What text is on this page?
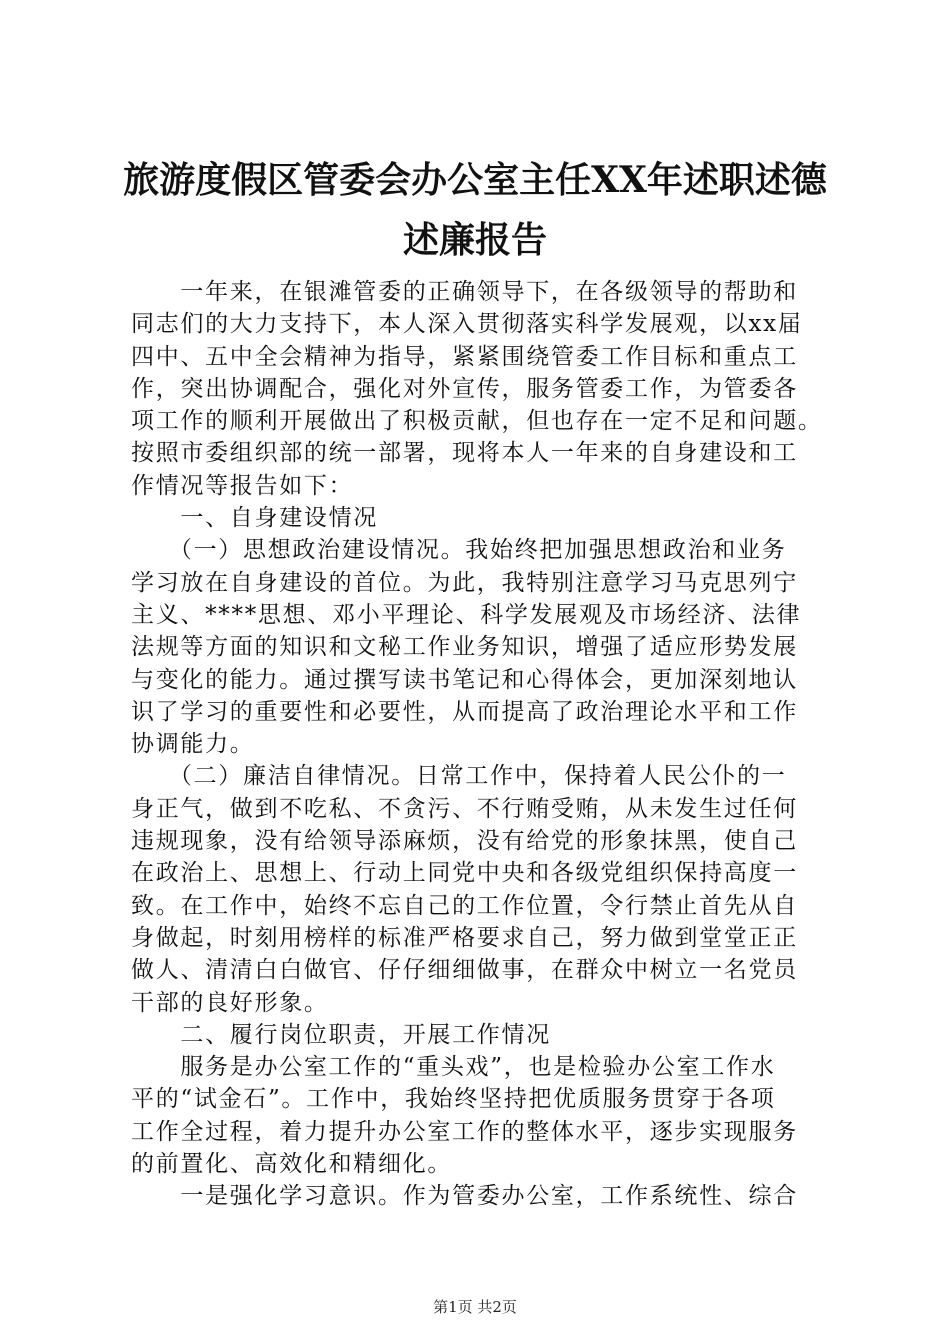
旅游度假区管委会办公室主任XX年述职述德
述廉报告
　　一年来，在银滩管委的正确领导下，在各级领导的帮助和
同志们的大力支持下，本人深入贯彻落实科学发展观，以xx届
四中、五中全会精神为指导，紧紧围绕管委工作目标和重点工
作，突出协调配合，强化对外宣传，服务管委工作，为管委各
项工作的顺利开展做出了积极贡献，但也存在一定不足和问题。
按照市委组织部的统一部署，现将本人一年来的自身建设和工
作情况等报告如下：
　　一、自身建设情况
　　（一）思想政治建设情况。我始终把加强思想政治和业务
学习放在自身建设的首位。为此，我特别注意学习马克思列宁
主义、****思想、邓小平理论、科学发展观及市场经济、法律
法规等方面的知识和文秘工作业务知识，增强了适应形势发展
与变化的能力。通过撰写读书笔记和心得体会，更加深刻地认
识了学习的重要性和必要性，从而提高了政治理论水平和工作
协调能力。
　　（二）廉洁自律情况。日常工作中，保持着人民公仆的一
身正气，做到不吃私、不贪污、不行贿受贿，从未发生过任何
违规现象，没有给领导添麻烦，没有给党的形象抹黑，使自己
在政治上、思想上、行动上同党中央和各级党组织保持高度一
致。在工作中，始终不忘自己的工作位置，令行禁止首先从自
身做起，时刻用榜样的标准严格要求自己，努力做到堂堂正正
做人、清清白白做官、仔仔细细做事，在群众中树立一名党员
干部的良好形象。
　　二、履行岗位职责，开展工作情况
　　服务是办公室工作的“重头戏”，也是检验办公室工作水
平的“试金石”。工作中，我始终坚持把优质服务贯穿于各项
工作全过程，着力提升办公室工作的整体水平，逐步实现服务
的前置化、高效化和精细化。
　　一是强化学习意识。作为管委办公室，工作系统性、综合
第1页 共2页
